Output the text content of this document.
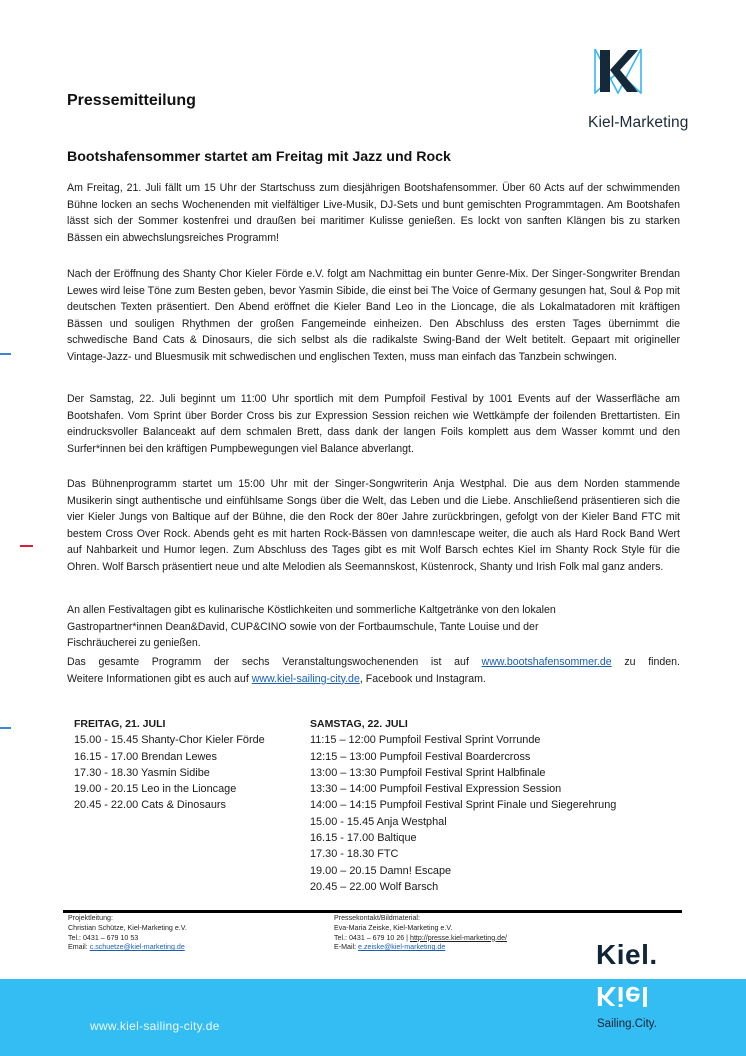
Kiel-Marketing
Pressemitteilung
Bootshafensommer startet am Freitag mit Jazz und Rock

Am Freitag, 21. Juli fällt um 15 Uhr der Startschuss zum diesjährigen Bootshafensommer. Über 60 Acts auf der schwimmenden Bühne locken an sechs Wochenenden mit vielfältiger Live-Musik, DJ-Sets und bunt gemischten Programmtagen. Am Bootshafen lässt sich der Sommer kostenfrei und draußen bei maritimer Kulisse genießen. Es lockt von sanften Klängen bis zu starken Bässen ein abwechslungsreiches Programm!

Nach der Eröffnung des Shanty Chor Kieler Förde e.V. folgt am Nachmittag ein bunter Genre-Mix. Der Singer-Songwriter Brendan Lewes wird leise Töne zum Besten geben, bevor Yasmin Sibide, die einst bei The Voice of Germany gesungen hat, Soul & Pop mit deutschen Texten präsentiert. Den Abend eröffnet die Kieler Band Leo in the Lioncage, die als Lokalmatadoren mit kräftigen Bässen und souligen Rhythmen der großen Fangemeinde einheizen. Den Abschluss des ersten Tages übernimmt die schwedische Band Cats & Dinosaurs, die sich selbst als die radikalste Swing-Band der Welt betitelt. Gepaart mit origineller Vintage-Jazz- und Bluesmusik mit schwedischen und englischen Texten, muss man einfach das Tanzbein schwingen.

Der Samstag, 22. Juli beginnt um 11:00 Uhr sportlich mit dem Pumpfoil Festival by 1001 Events auf der Wasserfläche am Bootshafen. Vom Sprint über Border Cross bis zur Expression Session reichen wie Wettkämpfe der foilenden Brettartisten. Ein eindrucksvoller Balanceakt auf dem schmalen Brett, dass dank der langen Foils komplett aus dem Wasser kommt und den Surfer*innen bei den kräftigen Pumpbewegungen viel Balance abverlangt.

Das Bühnenprogramm startet um 15:00 Uhr mit der Singer-Songwriterin Anja Westphal. Die aus dem Norden stammende Musikerin singt authentische und einfühlsame Songs über die Welt, das Leben und die Liebe. Anschließend präsentieren sich die vier Kieler Jungs von Baltique auf der Bühne, die den Rock der 80er Jahre zurückbringen, gefolgt von der Kieler Band FTC mit bestem Cross Over Rock. Abends geht es mit harten Rock-Bässen von damn!escape weiter, die auch als Hard Rock Band Wert auf Nahbarkeit und Humor legen. Zum Abschluss des Tages gibt es mit Wolf Barsch echtes Kiel im Shanty Rock Style für die Ohren. Wolf Barsch präsentiert neue und alte Melodien als Seemannskost, Küstenrock, Shanty und Irish Folk mal ganz anders.

An allen Festivaltagen gibt es kulinarische Köstlichkeiten und sommerliche Kaltgetränke von den lokalen
Gastropartner*innen Dean&David, CUP&CINO sowie von der Fortbaumschule, Tante Louise und der
Fischräucherei zu genießen.
Das gesamte Programm der sechs Veranstaltungswochenenden ist auf www.bootshafensommer.de zu finden.
Weitere Informationen gibt es auch auf www.kiel-sailing-city.de, Facebook und Instagram.
FREITAG, 21. JULI
15.00 - 15.45 Shanty-Chor Kieler Förde
16.15 - 17.00 Brendan Lewes
17.30 - 18.30 Yasmin Sidibe
19.00 - 20.15 Leo in the Lioncage
20.45 - 22.00 Cats & Dinosaurs
SAMSTAG, 22. JULI
11:15 – 12:00 Pumpfoil Festival Sprint Vorrunde
12:15 – 13:00 Pumpfoil Festival Boardercross
13:00 – 13:30 Pumpfoil Festival Sprint Halbfinale
13:30 – 14:00 Pumpfoil Festival Expression Session
14:00 – 14:15 Pumpfoil Festival Sprint Finale und Siegerehrung
15.00 - 15.45 Anja Westphal
16.15 - 17.00 Baltique
17.30 - 18.30 FTC
19.00 – 20.15 Damn! Escape
20.45 – 22.00 Wolf Barsch
Projektleitung:
Christian Schütze, Kiel-Marketing e.V.
Tel.: 0431 – 679 10 53
Email: c.schuetze@kiel-marketing.de
Pressekontakt/Bildmaterial:
Eva-Maria Zeiske, Kiel-Marketing e.V.
Tel.: 0431 – 679 10 26 | http://presse.kiel-marketing.de/
E-Mail: e.zeiske@kiel-marketing.de
www.kiel-sailing-city.de
Kiel.
Kiel
Sailing.City.
